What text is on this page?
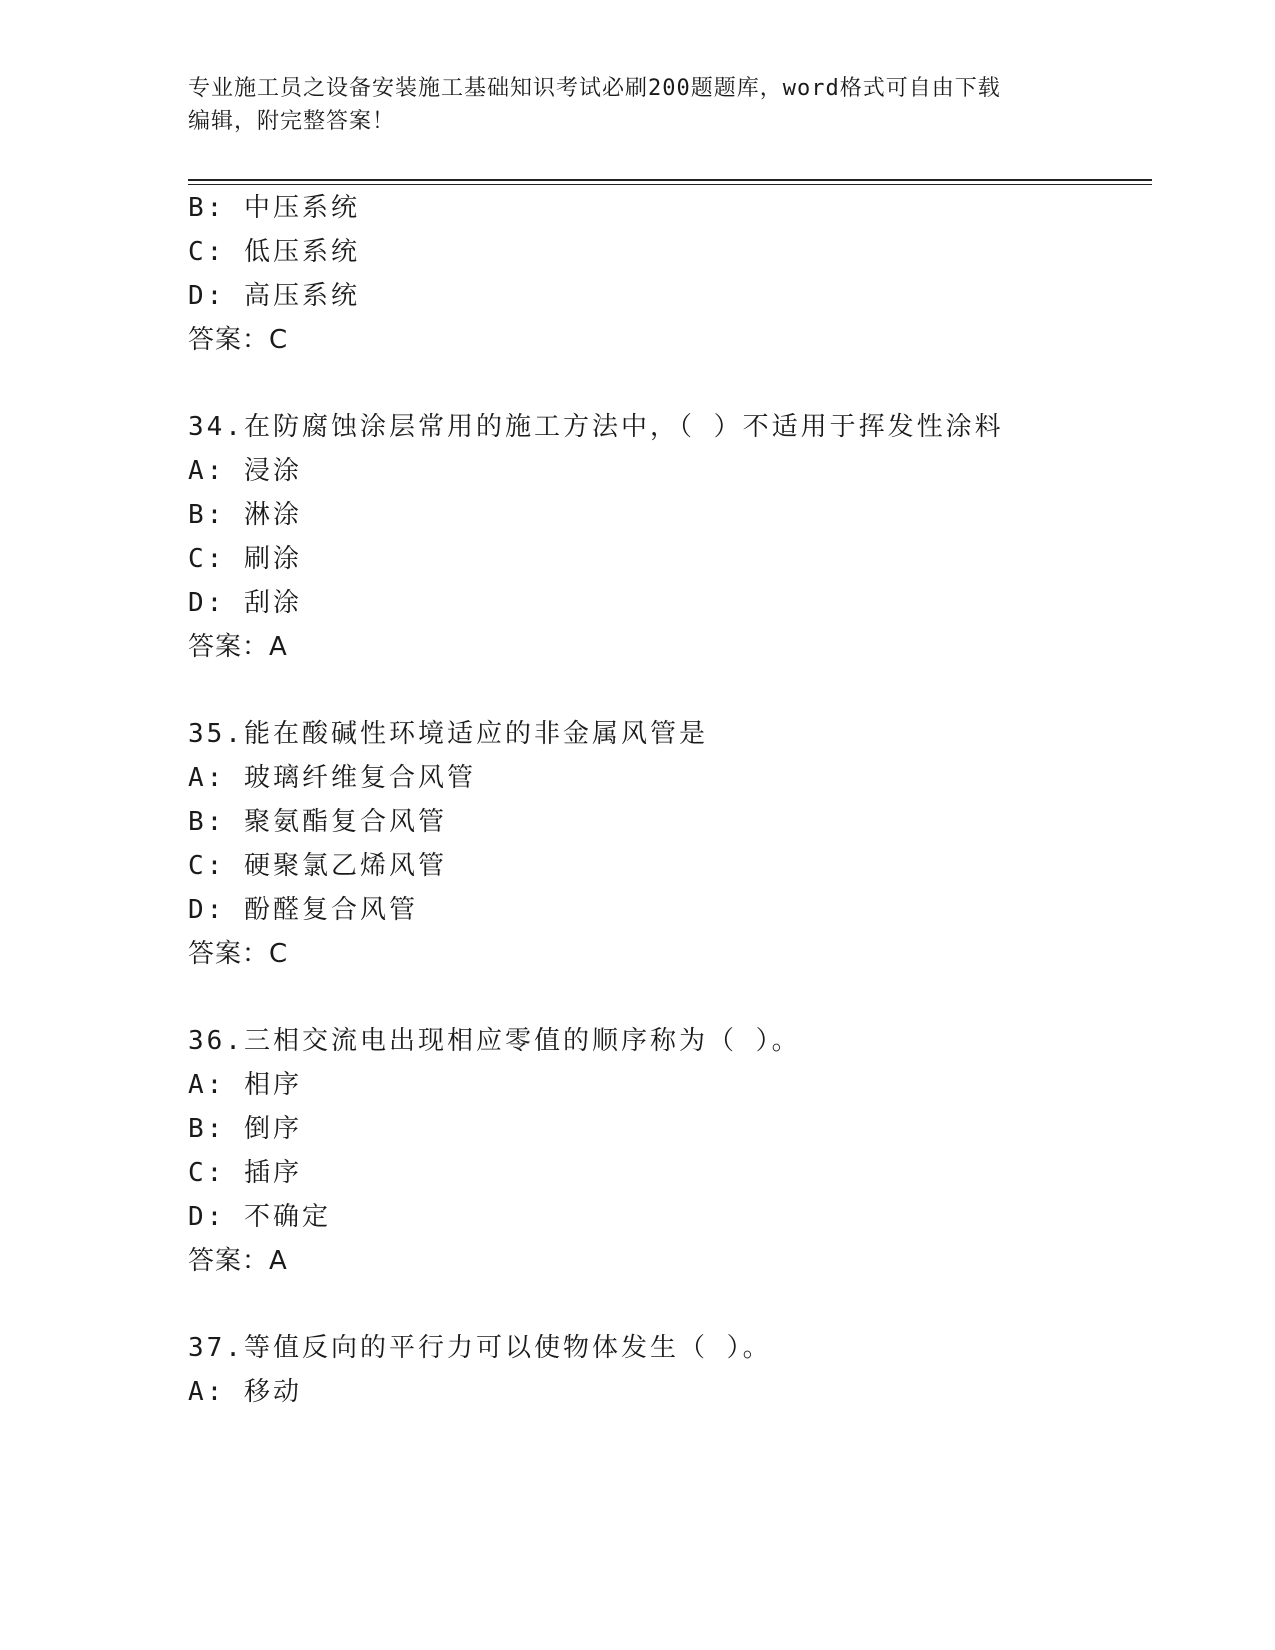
专业施工员之设备安装施工基础知识考试必刷200题题库，word格式可自由下载
编辑，附完整答案！
B: 中压系统
C: 低压系统
D: 高压系统
答案：C
34.在防腐蚀涂层常用的施工方法中，（ ）不适用于挥发性涂料
A: 浸涂
B: 淋涂
C: 刷涂
D: 刮涂
答案：A
35.能在酸碱性环境适应的非金属风管是
A: 玻璃纤维复合风管
B: 聚氨酯复合风管
C: 硬聚氯乙烯风管
D: 酚醛复合风管
答案：C
36.三相交流电出现相应零值的顺序称为（ ）。
A: 相序
B: 倒序
C: 插序
D: 不确定
答案：A
37.等值反向的平行力可以使物体发生（ ）。
A: 移动
